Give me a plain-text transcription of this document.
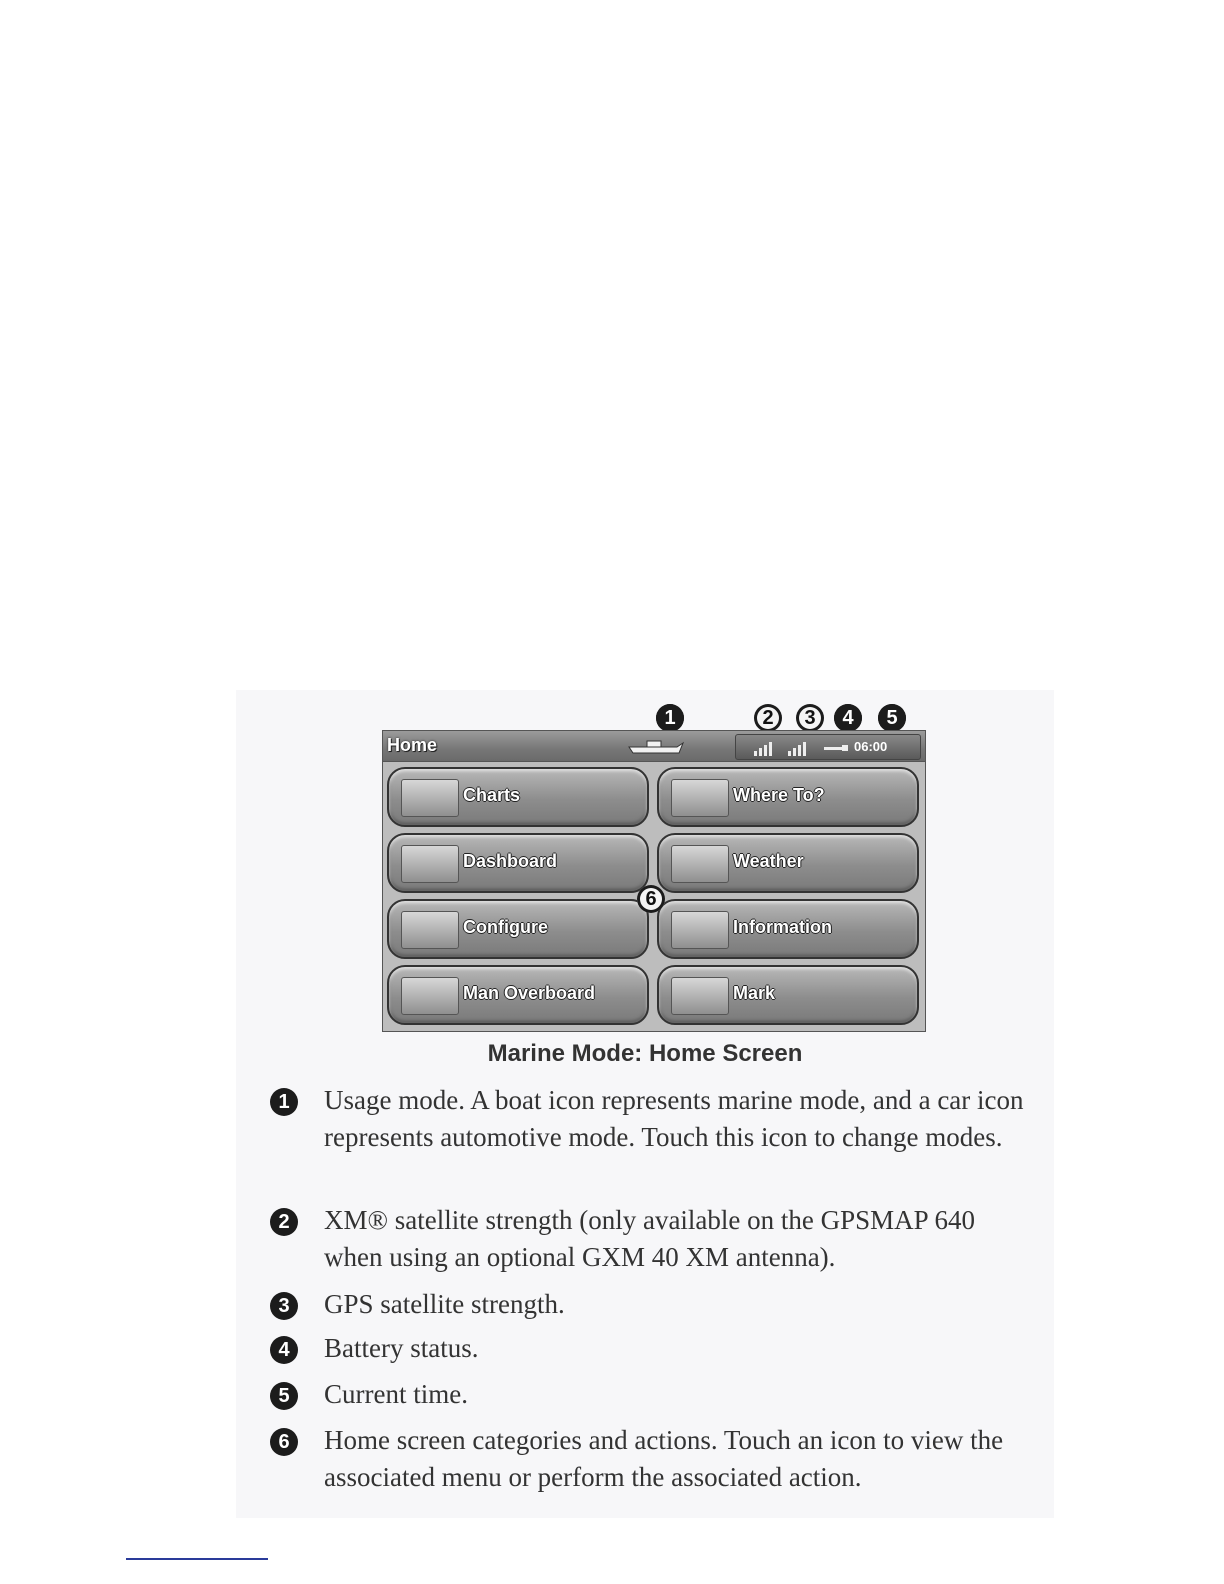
1	2	3	4	5
Home	06:00
Charts	Where To?
Dashboard	Weather
Configure	Information
Man Overboard	Mark
6
Marine Mode: Home Screen
1	Usage mode. A boat icon represents marine mode, and a car icon represents automotive mode. Touch this icon to change modes.
2	XM® satellite strength (only available on the GPSMAP 640 when using an optional GXM 40 XM antenna).
3	GPS satellite strength.
4	Battery status.
5	Current time.
6	Home screen categories and actions. Touch an icon to view the associated menu or perform the associated action.
